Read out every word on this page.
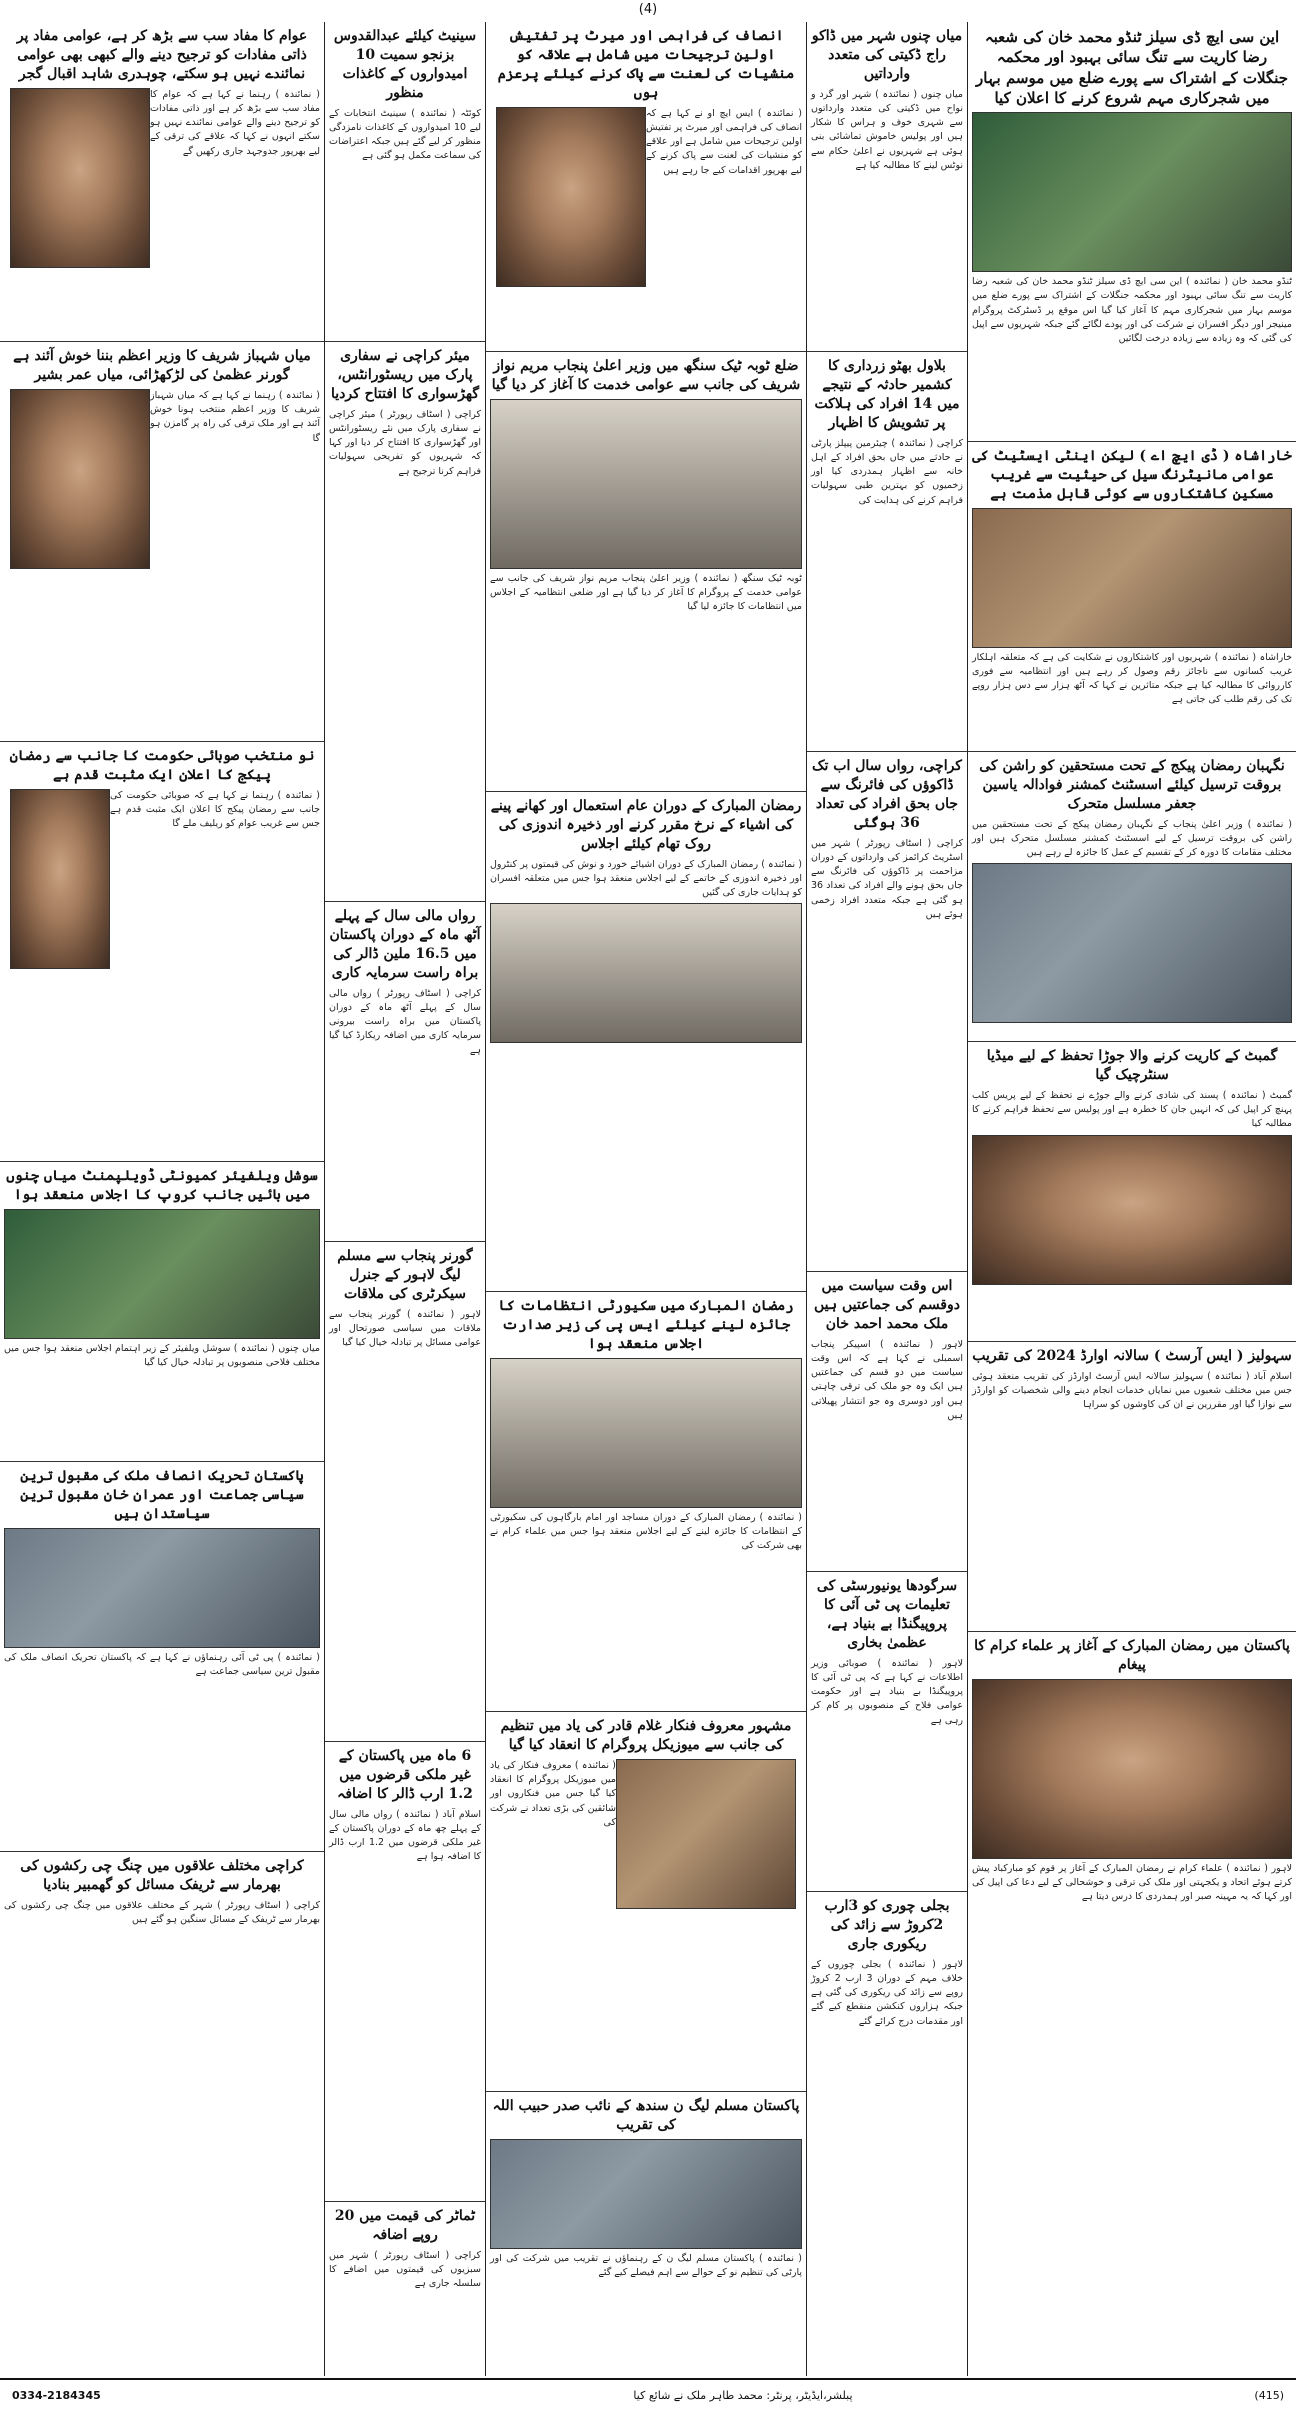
(4)
این سی ایچ ڈی سیلز ٹنڈو محمد خان کی شعبہ رضا کاریت سے تنگ سائی بہبود اور محکمہ جنگلات کے اشتراک سے پورے ضلع میں موسم بہار میں شجرکاری مہم شروع کرنے کا اعلان کیا
ٹنڈو محمد خان ( نمائندہ ) این سی ایچ ڈی سیلز ٹنڈو محمد خان کی شعبہ رضا کاریت سے تنگ سائی بہبود اور محکمہ جنگلات کے اشتراک سے پورے ضلع میں موسم بہار میں شجرکاری مہم کا آغاز کیا گیا اس موقع پر ڈسٹرکٹ پروگرام مینیجر اور دیگر افسران نے شرکت کی اور پودے لگائے گئے جبکہ شہریوں سے اپیل کی گئی کہ وہ زیادہ سے زیادہ درخت لگائیں
خاراشاہ ( ڈی ایچ اے ) لیکن اینٹی ایسٹیٹ کی عوامی مانیٹرنگ سیل کی حیثیت سے غریب مسکین کاشتکاروں سے کوئی قابل مذمت ہے
خاراشاہ ( نمائندہ ) شہریوں اور کاشتکاروں نے شکایت کی ہے کہ متعلقہ اہلکار غریب کسانوں سے ناجائز رقم وصول کر رہے ہیں اور انتظامیہ سے فوری کارروائی کا مطالبہ کیا ہے جبکہ متاثرین نے کہا کہ آٹھ ہزار سے دس ہزار روپے تک کی رقم طلب کی جاتی ہے
نگہبان رمضان پیکج کے تحت مستحقین کو راشن کی بروقت ترسیل کیلئے اسسٹنٹ کمشنر فوادالہ یاسین جعفر مسلسل متحرک
( نمائندہ ) وزیر اعلیٰ پنجاب کے نگہبان رمضان پیکج کے تحت مستحقین میں راشن کی بروقت ترسیل کے لیے اسسٹنٹ کمشنر مسلسل متحرک ہیں اور مختلف مقامات کا دورہ کر کے تقسیم کے عمل کا جائزہ لے رہے ہیں
گمبٹ کے کاریت کرنے والا جوڑا تحفظ کے لیے میڈیا سنٹرچیک گیا
گمبٹ ( نمائندہ ) پسند کی شادی کرنے والے جوڑے نے تحفظ کے لیے پریس کلب پہنچ کر اپیل کی کہ انہیں جان کا خطرہ ہے اور پولیس سے تحفظ فراہم کرنے کا مطالبہ کیا
سہولیز ( ایس آرسٹ ) سالانہ اوارڈ 2024 کی تقریب
اسلام آباد ( نمائندہ ) سہولیز سالانہ ایس آرسٹ اوارڈز کی تقریب منعقد ہوئی جس میں مختلف شعبوں میں نمایاں خدمات انجام دینے والی شخصیات کو اوارڈز سے نوازا گیا اور مقررین نے ان کی کاوشوں کو سراہا
پاکستان میں رمضان المبارک کے آغاز پر علماء کرام کا پیغام
لاہور ( نمائندہ ) علماء کرام نے رمضان المبارک کے آغاز پر قوم کو مبارکباد پیش کرتے ہوئے اتحاد و یکجہتی اور ملک کی ترقی و خوشحالی کے لیے دعا کی اپیل کی اور کہا کہ یہ مہینہ صبر اور ہمدردی کا درس دیتا ہے
میاں چنوں شہر میں ڈاکو راج ڈکیتی کی متعدد وارداتیں
میاں چنوں ( نمائندہ ) شہر اور گرد و نواح میں ڈکیتی کی متعدد وارداتوں سے شہری خوف و ہراس کا شکار ہیں اور پولیس خاموش تماشائی بنی ہوئی ہے شہریوں نے اعلیٰ حکام سے نوٹس لینے کا مطالبہ کیا ہے
بلاول بھٹو زرداری کا کشمیر حادثہ کے نتیجے میں 14 افراد کی ہلاکت پر تشویش کا اظہار
کراچی ( نمائندہ ) چیئرمین پیپلز پارٹی نے حادثے میں جاں بحق افراد کے اہل خانہ سے اظہار ہمدردی کیا اور زخمیوں کو بہترین طبی سہولیات فراہم کرنے کی ہدایت کی
کراچی، رواں سال اب تک ڈاکوؤں کی فائرنگ سے جاں بحق افراد کی تعداد 36 ہوگئی
کراچی ( اسٹاف رپورٹر ) شہر میں اسٹریٹ کرائمز کی وارداتوں کے دوران مزاحمت پر ڈاکوؤں کی فائرنگ سے جاں بحق ہونے والے افراد کی تعداد 36 ہو گئی ہے جبکہ متعدد افراد زخمی ہوئے ہیں
اس وقت سیاست میں دوقسم کی جماعتیں ہیں ملک محمد احمد خان
لاہور ( نمائندہ ) اسپیکر پنجاب اسمبلی نے کہا ہے کہ اس وقت سیاست میں دو قسم کی جماعتیں ہیں ایک وہ جو ملک کی ترقی چاہتی ہیں اور دوسری وہ جو انتشار پھیلاتی ہیں
سرگودھا یونیورسٹی کی تعلیمات پی ٹی آئی کا پروپیگنڈا بے بنیاد ہے، عظمیٰ بخاری
لاہور ( نمائندہ ) صوبائی وزیر اطلاعات نے کہا ہے کہ پی ٹی آئی کا پروپیگنڈا بے بنیاد ہے اور حکومت عوامی فلاح کے منصوبوں پر کام کر رہی ہے
بجلی چوری کو 3ارب 2کروڑ سے زائد کی ریکوری جاری
لاہور ( نمائندہ ) بجلی چوروں کے خلاف مہم کے دوران 3 ارب 2 کروڑ روپے سے زائد کی ریکوری کی گئی ہے جبکہ ہزاروں کنکشن منقطع کیے گئے اور مقدمات درج کرائے گئے
انصاف کی فراہمی اور میرٹ پر تفتیش اولین ترجیحات میں شامل ہے علاقہ کو منشیات کی لعنت سے پاک کرنے کیلئے پرعزم ہوں
( نمائندہ ) ایس ایچ او نے کہا ہے کہ انصاف کی فراہمی اور میرٹ پر تفتیش اولین ترجیحات میں شامل ہے اور علاقے کو منشیات کی لعنت سے پاک کرنے کے لیے بھرپور اقدامات کیے جا رہے ہیں
ضلع ٹوبہ ٹیک سنگھ میں وزیر اعلیٰ پنجاب مریم نواز شریف کی جانب سے عوامی خدمت کا آغاز کر دیا گیا
ٹوبہ ٹیک سنگھ ( نمائندہ ) وزیر اعلیٰ پنجاب مریم نواز شریف کی جانب سے عوامی خدمت کے پروگرام کا آغاز کر دیا گیا ہے اور ضلعی انتظامیہ کے اجلاس میں انتظامات کا جائزہ لیا گیا
رمضان المبارک کے دوران عام استعمال اور کھانے پینے کی اشیاء کے نرخ مقرر کرنے اور ذخیرہ اندوزی کی روک تھام کیلئے اجلاس
( نمائندہ ) رمضان المبارک کے دوران اشیائے خورد و نوش کی قیمتوں پر کنٹرول اور ذخیرہ اندوزی کے خاتمے کے لیے اجلاس منعقد ہوا جس میں متعلقہ افسران کو ہدایات جاری کی گئیں
رمضان المبارک میں سکیورٹی انتظامات کا جائزہ لینے کیلئے ایس پی کی زیر صدارت اجلاس منعقد ہوا
( نمائندہ ) رمضان المبارک کے دوران مساجد اور امام بارگاہوں کی سکیورٹی کے انتظامات کا جائزہ لینے کے لیے اجلاس منعقد ہوا جس میں علماء کرام نے بھی شرکت کی
مشہور معروف فنکار غلام قادر کی یاد میں تنظیم کی جانب سے میوزیکل پروگرام کا انعقاد کیا گیا
( نمائندہ ) معروف فنکار کی یاد میں میوزیکل پروگرام کا انعقاد کیا گیا جس میں فنکاروں اور شائقین کی بڑی تعداد نے شرکت کی
پاکستان مسلم لیگ ن سندھ کے نائب صدر حبیب اللہ کی تقریب
( نمائندہ ) پاکستان مسلم لیگ ن کے رہنماؤں نے تقریب میں شرکت کی اور پارٹی کی تنظیم نو کے حوالے سے اہم فیصلے کیے گئے
سینیٹ کیلئے عبدالقدوس بزنجو سمیت 10 امیدواروں کے کاغذات منظور
کوئٹہ ( نمائندہ ) سینیٹ انتخابات کے لیے 10 امیدواروں کے کاغذات نامزدگی منظور کر لیے گئے ہیں جبکہ اعتراضات کی سماعت مکمل ہو گئی ہے
میئر کراچی نے سفاری پارک میں ریسٹورانٹس، گھڑسواری کا افتتاح کردیا
کراچی ( اسٹاف رپورٹر ) میئر کراچی نے سفاری پارک میں نئے ریسٹورانٹس اور گھڑسواری کا افتتاح کر دیا اور کہا کہ شہریوں کو تفریحی سہولیات فراہم کرنا ترجیح ہے
رواں مالی سال کے پہلے آٹھ ماہ کے دوران پاکستان میں 16.5 ملین ڈالر کی براہ راست سرمایہ کاری
کراچی ( اسٹاف رپورٹر ) رواں مالی سال کے پہلے آٹھ ماہ کے دوران پاکستان میں براہ راست بیرونی سرمایہ کاری میں اضافہ ریکارڈ کیا گیا ہے
گورنر پنجاب سے مسلم لیگ لاہور کے جنرل سیکرٹری کی ملاقات
لاہور ( نمائندہ ) گورنر پنجاب سے ملاقات میں سیاسی صورتحال اور عوامی مسائل پر تبادلہ خیال کیا گیا
6 ماہ میں پاکستان کے غیر ملکی قرضوں میں 1.2 ارب ڈالر کا اضافہ
اسلام آباد ( نمائندہ ) رواں مالی سال کے پہلے چھ ماہ کے دوران پاکستان کے غیر ملکی قرضوں میں 1.2 ارب ڈالر کا اضافہ ہوا ہے
ٹماٹر کی قیمت میں 20 روپے اضافہ
کراچی ( اسٹاف رپورٹر ) شہر میں سبزیوں کی قیمتوں میں اضافے کا سلسلہ جاری ہے
عوام کا مفاد سب سے بڑھ کر ہے، عوامی مفاد پر ذاتی مفادات کو ترجیح دینے والے کبھی بھی عوامی نمائندے نہیں ہو سکتے، چوہدری شاہد اقبال گجر
( نمائندہ ) رہنما نے کہا ہے کہ عوام کا مفاد سب سے بڑھ کر ہے اور ذاتی مفادات کو ترجیح دینے والے عوامی نمائندے نہیں ہو سکتے انہوں نے کہا کہ علاقے کی ترقی کے لیے بھرپور جدوجہد جاری رکھیں گے
میاں شہباز شریف کا وزیر اعظم بننا خوش آئند ہے گورنر عظمیٰ کی لڑکھڑائی، میاں عمر بشیر
( نمائندہ ) رہنما نے کہا ہے کہ میاں شہباز شریف کا وزیر اعظم منتخب ہونا خوش آئند ہے اور ملک ترقی کی راہ پر گامزن ہو گا
نو منتخب صوبائی حکومت کا جانب سے رمضان پیکج کا اعلان ایک مثبت قدم ہے
( نمائندہ ) رہنما نے کہا ہے کہ صوبائی حکومت کی جانب سے رمضان پیکج کا اعلان ایک مثبت قدم ہے جس سے غریب عوام کو ریلیف ملے گا
سوشل ویلفیئر کمیونٹی ڈویلپمنٹ میاں چنوں میں بائیں جانب کروپ کا اجلاس منعقد ہوا
میاں چنوں ( نمائندہ ) سوشل ویلفیئر کے زیر اہتمام اجلاس منعقد ہوا جس میں مختلف فلاحی منصوبوں پر تبادلہ خیال کیا گیا
پاکستان تحریک انصاف ملک کی مقبول ترین سیاسی جماعت اور عمران خان مقبول ترین سیاستدان ہیں
( نمائندہ ) پی ٹی آئی رہنماؤں نے کہا ہے کہ پاکستان تحریک انصاف ملک کی مقبول ترین سیاسی جماعت ہے
کراچی مختلف علاقوں میں چنگ چی رکشوں کی بھرمار سے ٹریفک مسائل کو گھمبیر بنادیا
کراچی ( اسٹاف رپورٹر ) شہر کے مختلف علاقوں میں چنگ چی رکشوں کی بھرمار سے ٹریفک کے مسائل سنگین ہو گئے ہیں
(415)
پبلشر،ایڈیٹر، پرنٹر: محمد طاہر ملک نے شائع کیا
0334-2184345
